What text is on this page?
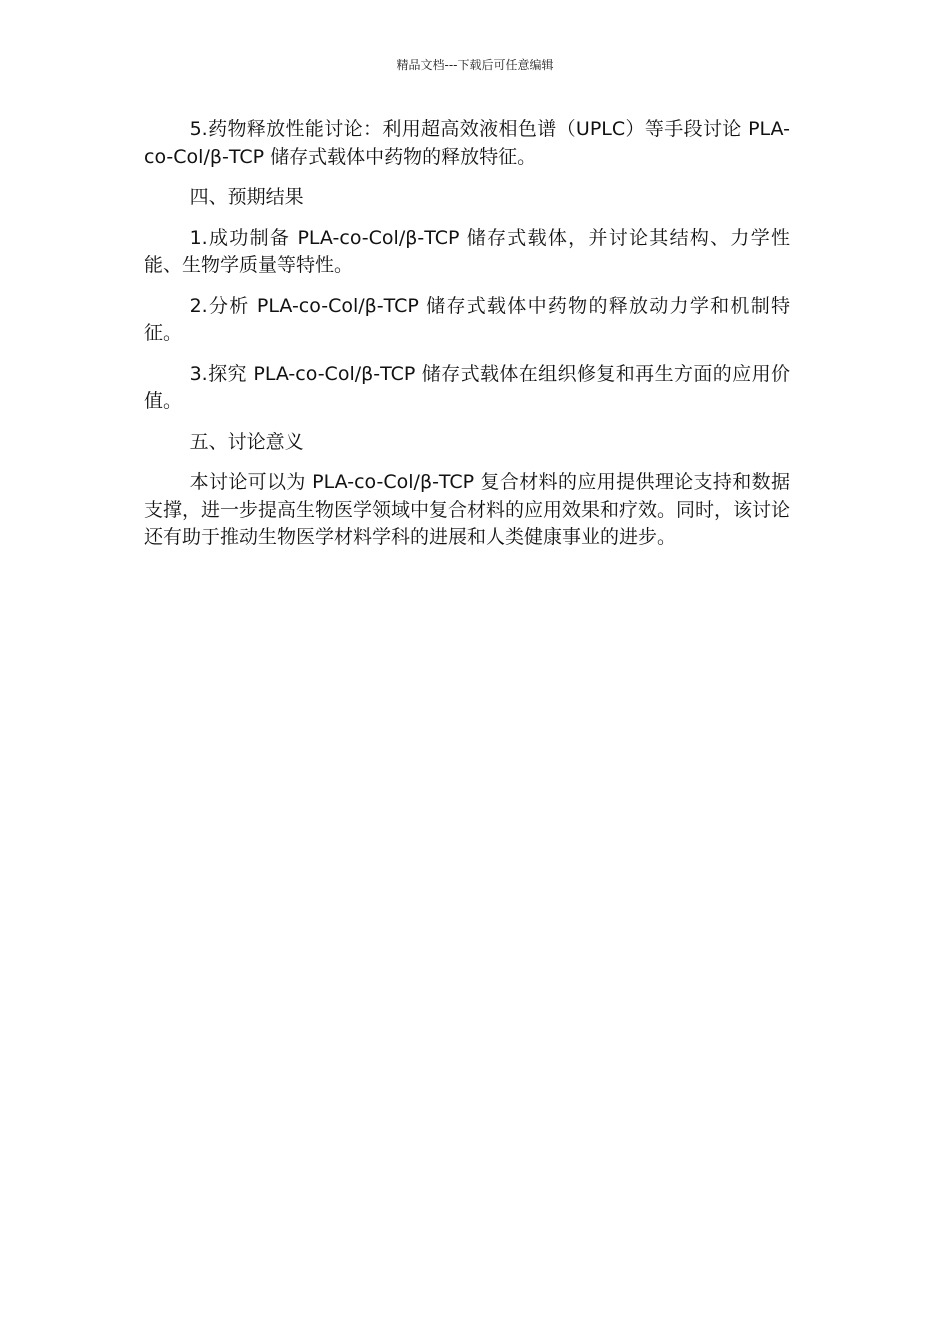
精品文档---下载后可任意编辑

5.药物释放性能讨论：利用超高效液相色谱（UPLC）等手段讨论 PLA-co-Col/β-TCP 储存式载体中药物的释放特征。

四、预期结果

1.成功制备 PLA-co-Col/β-TCP 储存式载体，并讨论其结构、力学性能、生物学质量等特性。

2.分析 PLA-co-Col/β-TCP 储存式载体中药物的释放动力学和机制特征。

3.探究 PLA-co-Col/β-TCP 储存式载体在组织修复和再生方面的应用价值。

五、讨论意义

本讨论可以为 PLA-co-Col/β-TCP 复合材料的应用提供理论支持和数据支撑，进一步提高生物医学领域中复合材料的应用效果和疗效。同时，该讨论还有助于推动生物医学材料学科的进展和人类健康事业的进步。
